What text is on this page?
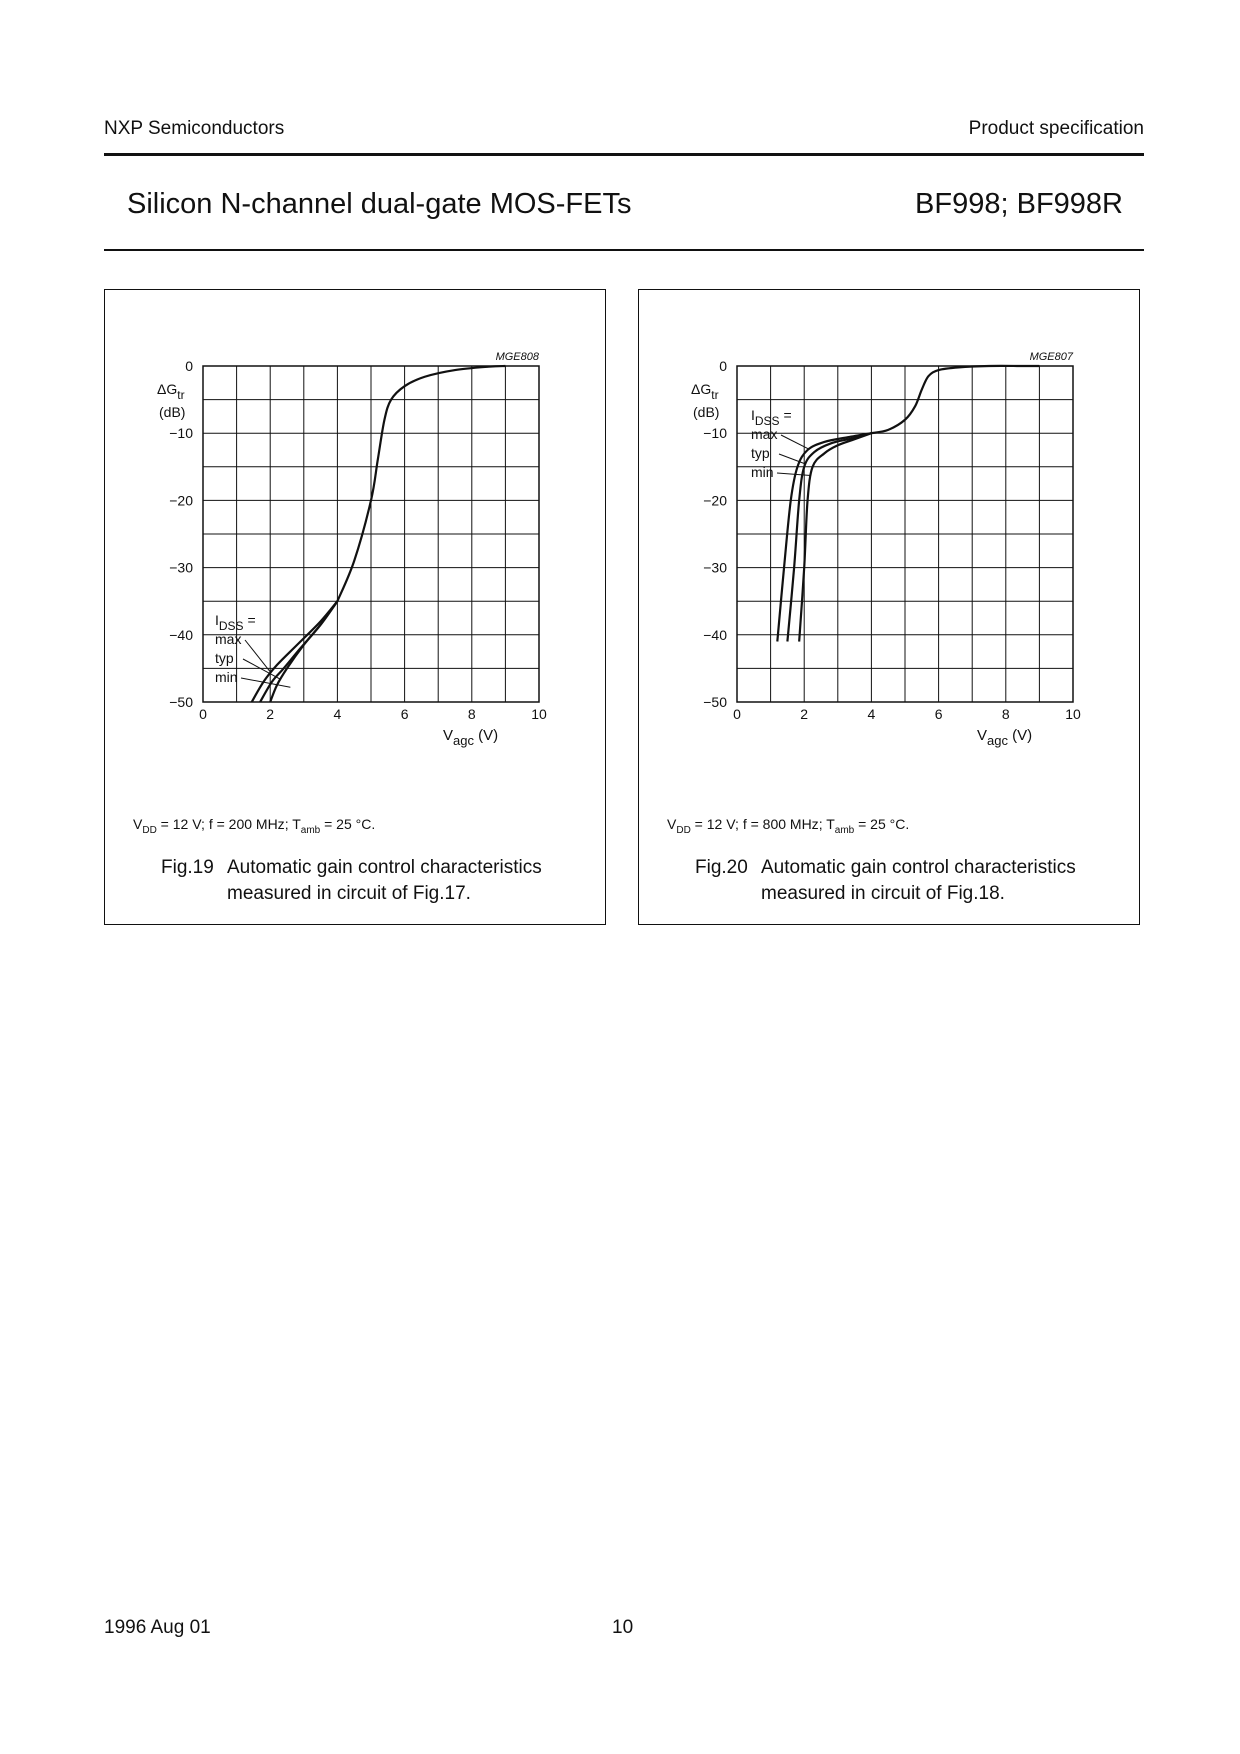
NXP Semiconductors	Product specification
Silicon N-channel dual-gate MOS-FETs	BF998; BF998R
0	2	4	6	8	10
0
−10
−20
−30
−40
−50
ΔGtr
(dB)
Vagc (V)
MGE808
IDSS =
max
typ
min
$V_{DD} = 12$ V; f = 200 MHz; $T_{amb} = 25$ °C.
Fig.19 Automatic gain control characteristics
measured in circuit of Fig.17.
0	2	4	6	8	10
0
−10
−20
−30
−40
−50
ΔGtr
(dB)
Vagc (V)
MGE807
IDSS =
max
typ
min
$V_{DD} = 12$ V; f = 800 MHz; $T_{amb} = 25$ °C.
Fig.20 Automatic gain control characteristics
measured in circuit of Fig.18.
1996 Aug 01	10
